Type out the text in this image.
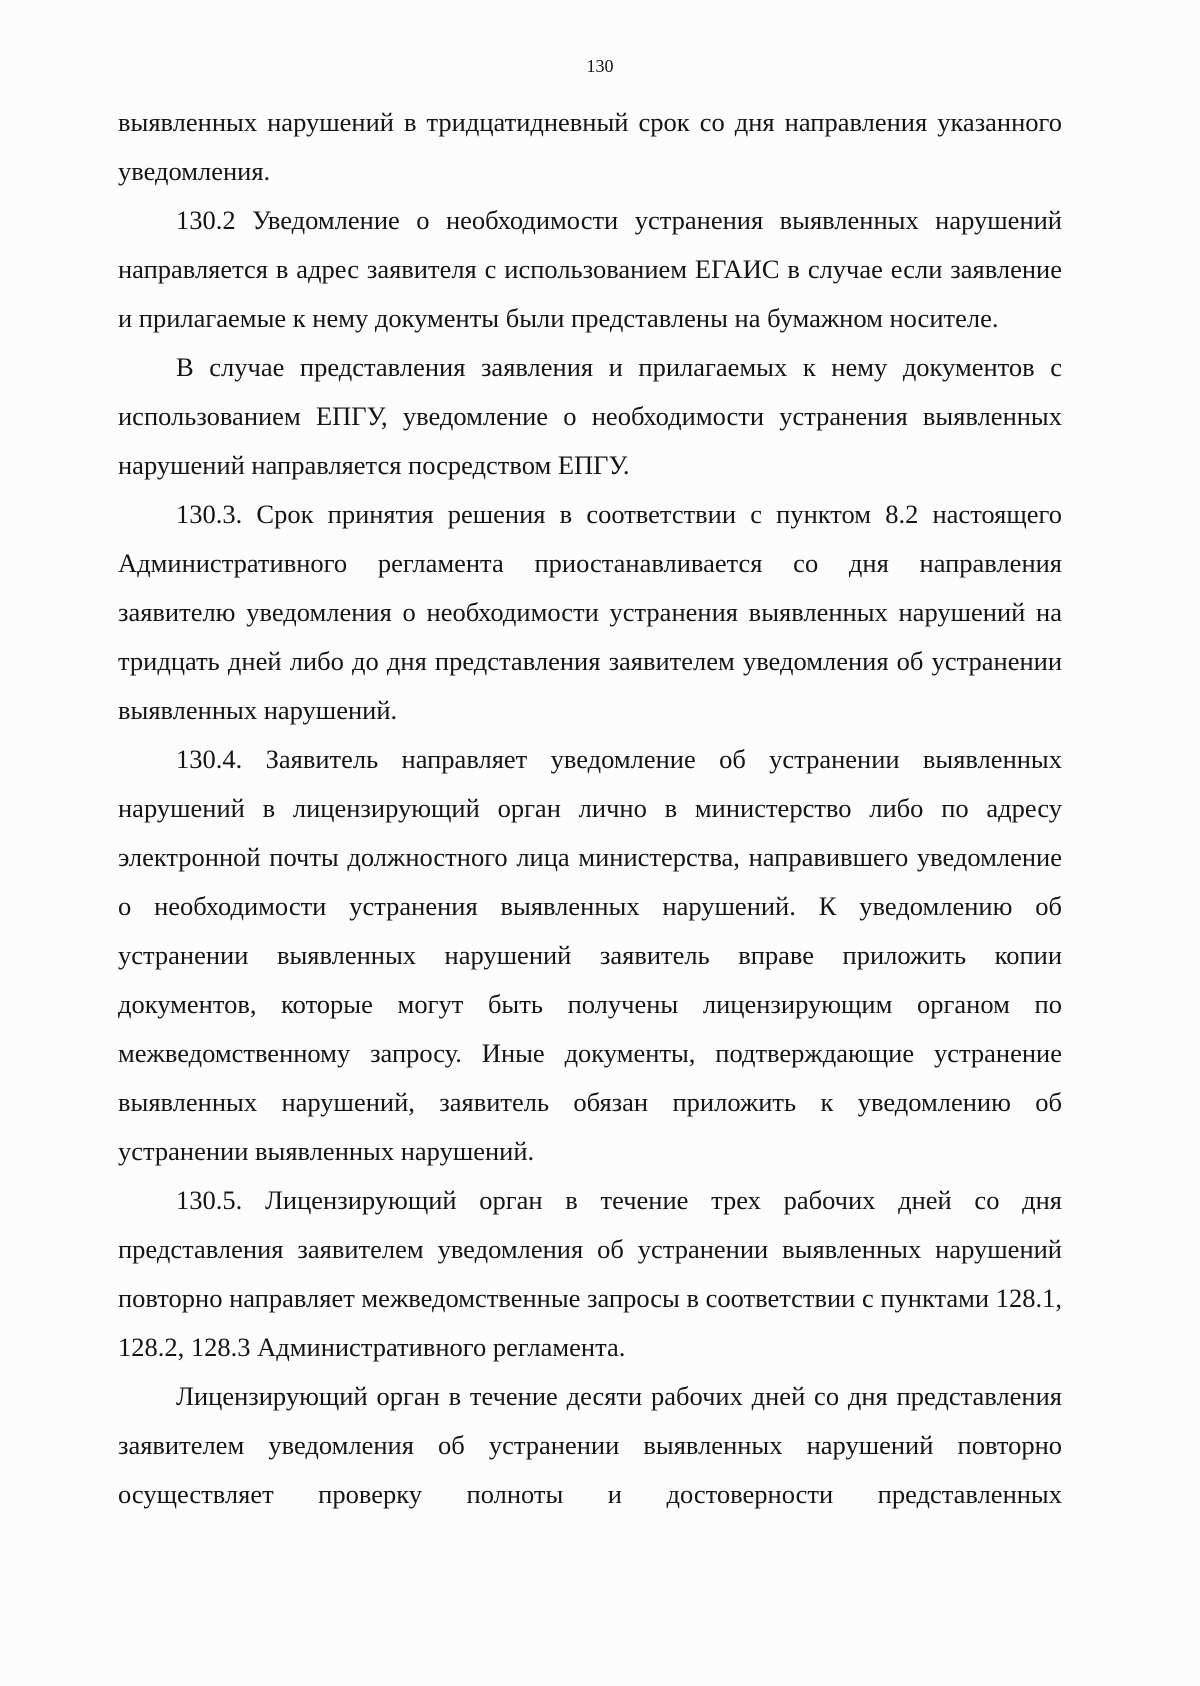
130

выявленных нарушений в тридцатидневный срок со дня направления указанного уведомления.

130.2 Уведомление о необходимости устранения выявленных нарушений направляется в адрес заявителя с использованием ЕГАИС в случае если заявление и прилагаемые к нему документы были представлены на бумажном носителе.

В случае представления заявления и прилагаемых к нему документов с использованием ЕПГУ, уведомление о необходимости устранения выявленных нарушений направляется посредством ЕПГУ.

130.3. Срок принятия решения в соответствии с пунктом 8.2 настоящего Административного регламента приостанавливается со дня направления заявителю уведомления о необходимости устранения выявленных нарушений на тридцать дней либо до дня представления заявителем уведомления об устранении выявленных нарушений.

130.4. Заявитель направляет уведомление об устранении выявленных нарушений в лицензирующий орган лично в министерство либо по адресу электронной почты должностного лица министерства, направившего уведомление о необходимости устранения выявленных нарушений. К уведомлению об устранении выявленных нарушений заявитель вправе приложить копии документов, которые могут быть получены лицензирующим органом по межведомственному запросу. Иные документы, подтверждающие устранение выявленных нарушений, заявитель обязан приложить к уведомлению об устранении выявленных нарушений.

130.5. Лицензирующий орган в течение трех рабочих дней со дня представления заявителем уведомления об устранении выявленных нарушений повторно направляет межведомственные запросы в соответствии с пунктами 128.1, 128.2, 128.3 Административного регламента.

Лицензирующий орган в течение десяти рабочих дней со дня представления заявителем уведомления об устранении выявленных нарушений повторно осуществляет проверку полноты и достоверности представленных
